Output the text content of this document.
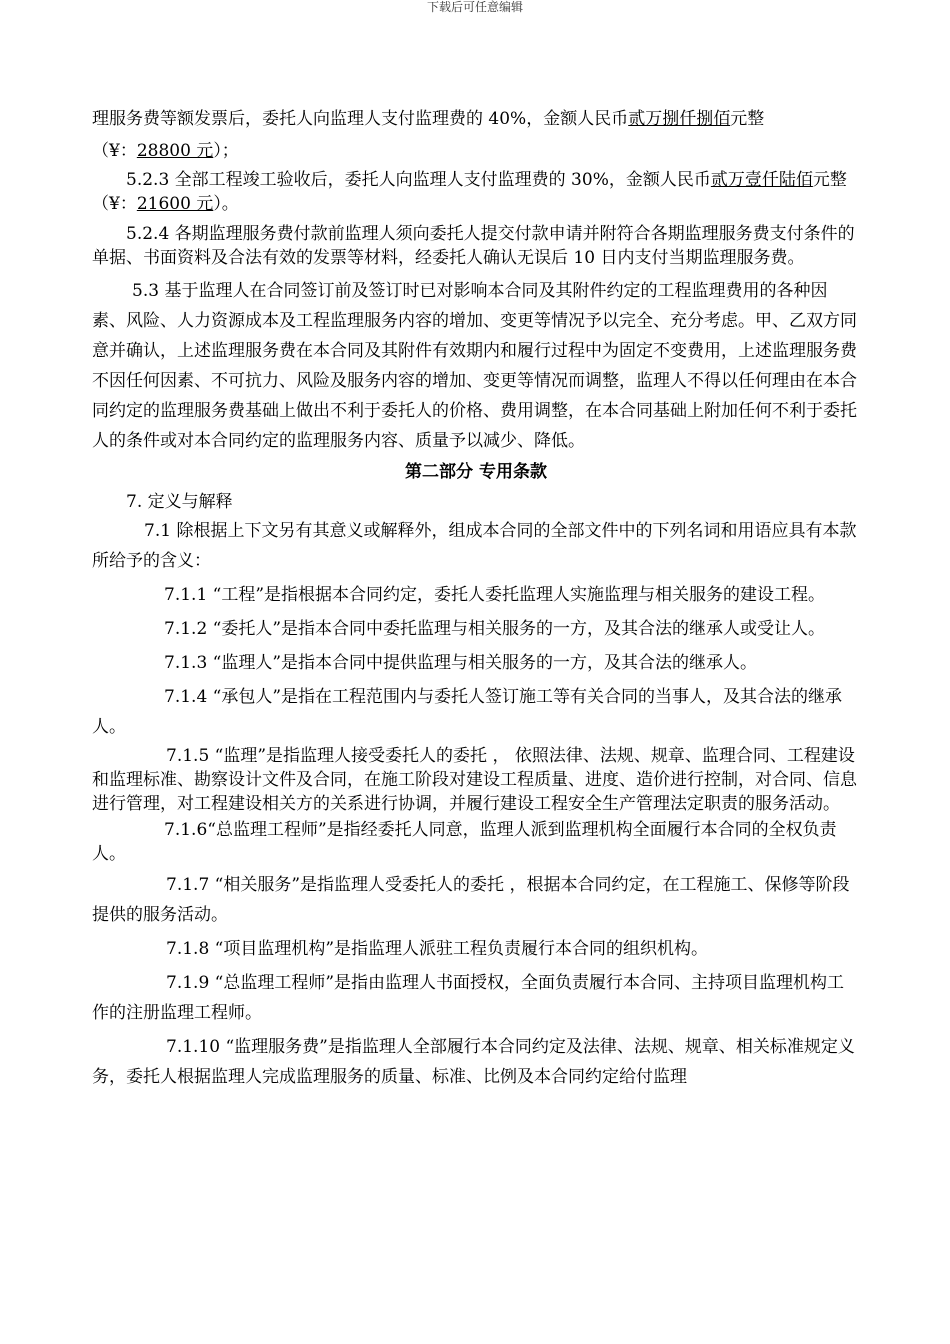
下载后可任意编辑

理服务费等额发票后，委托人向监理人支付监理费的 40%，金额人民币贰万捌仟捌佰元整

（¥：28800 元）；

5.2.3 全部工程竣工验收后，委托人向监理人支付监理费的 30%，金额人民币贰万壹仟陆佰元整（¥：21600 元）。

5.2.4 各期监理服务费付款前监理人须向委托人提交付款申请并附符合各期监理服务费支付条件的单据、书面资料及合法有效的发票等材料，经委托人确认无误后 10 日内支付当期监理服务费。

5.3 基于监理人在合同签订前及签订时已对影响本合同及其附件约定的工程监理费用的各种因素、风险、人力资源成本及工程监理服务内容的增加、变更等情况予以完全、充分考虑。甲、乙双方同意并确认，上述监理服务费在本合同及其附件有效期内和履行过程中为固定不变费用，上述监理服务费不因任何因素、不可抗力、风险及服务内容的增加、变更等情况而调整，监理人不得以任何理由在本合同约定的监理服务费基础上做出不利于委托人的价格、费用调整，在本合同基础上附加任何不利于委托人的条件或对本合同约定的监理服务内容、质量予以减少、降低。

第二部分 专用条款

7. 定义与解释

7.1 除根据上下文另有其意义或解释外，组成本合同的全部文件中的下列名词和用语应具有本款所给予的含义：

7.1.1 “工程”是指根据本合同约定，委托人委托监理人实施监理与相关服务的建设工程。

7.1.2 “委托人”是指本合同中委托监理与相关服务的一方，及其合法的继承人或受让人。

7.1.3 “监理人”是指本合同中提供监理与相关服务的一方，及其合法的继承人。

7.1.4 “承包人”是指在工程范围内与委托人签订施工等有关合同的当事人，及其合法的继承人。

7.1.5 “监理”是指监理人接受委托人的委托 ， 依照法律、法规、规章、监理合同、工程建设和监理标准、勘察设计文件及合同，在施工阶段对建设工程质量、进度、造价进行控制，对合同、信息进行管理，对工程建设相关方的关系进行协调，并履行建设工程安全生产管理法定职责的服务活动。

7.1.6“总监理工程师”是指经委托人同意，监理人派到监理机构全面履行本合同的全权负责人。

7.1.7 “相关服务”是指监理人受委托人的委托 ，根据本合同约定，在工程施工、保修等阶段提供的服务活动。

7.1.8 “项目监理机构”是指监理人派驻工程负责履行本合同的组织机构。

7.1.9 “总监理工程师”是指由监理人书面授权，全面负责履行本合同、主持项目监理机构工作的注册监理工程师。

7.1.10 “监理服务费”是指监理人全部履行本合同约定及法律、法规、规章、相关标准规定义务，委托人根据监理人完成监理服务的质量、标准、比例及本合同约定给付监理
